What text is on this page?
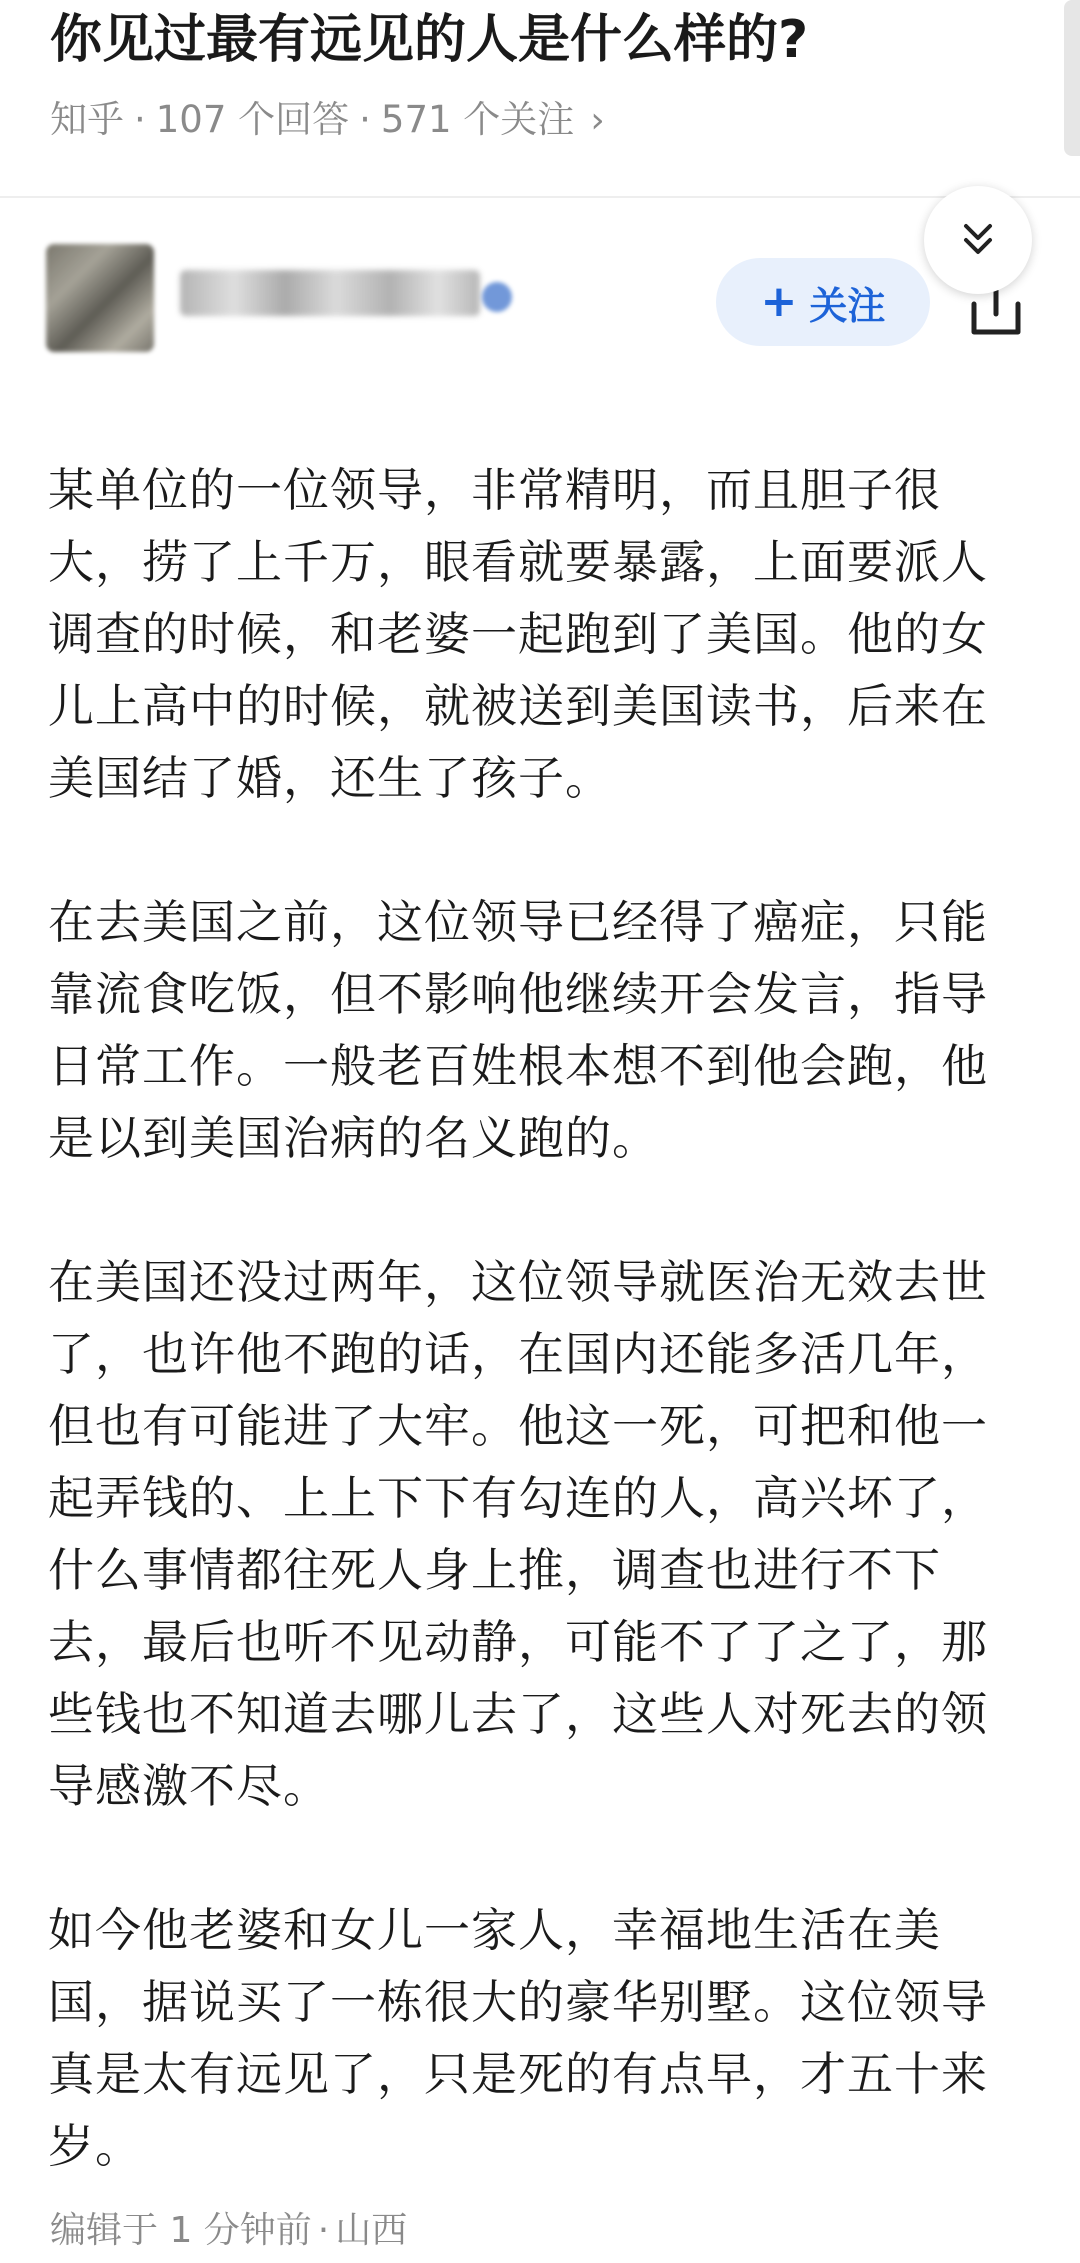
你见过最有远见的人是什么样的?
知乎 · 107 个回答 · 571 个关注 ›
+ 关注

某单位的一位领导，非常精明，而且胆子很大，捞了上千万，眼看就要暴露，上面要派人调查的时候，和老婆一起跑到了美国。他的女儿上高中的时候，就被送到美国读书，后来在美国结了婚，还生了孩子。

在去美国之前，这位领导已经得了癌症，只能靠流食吃饭，但不影响他继续开会发言，指导日常工作。一般老百姓根本想不到他会跑，他是以到美国治病的名义跑的。

在美国还没过两年，这位领导就医治无效去世了，也许他不跑的话，在国内还能多活几年，但也有可能进了大牢。他这一死，可把和他一起弄钱的、上上下下有勾连的人，高兴坏了，什么事情都往死人身上推，调查也进行不下去，最后也听不见动静，可能不了了之了，那些钱也不知道去哪儿去了，这些人对死去的领导感激不尽。

如今他老婆和女儿一家人，幸福地生活在美国，据说买了一栋很大的豪华别墅。这位领导真是太有远见了，只是死的有点早，才五十来岁。

编辑于 1 分钟前 · 山西
